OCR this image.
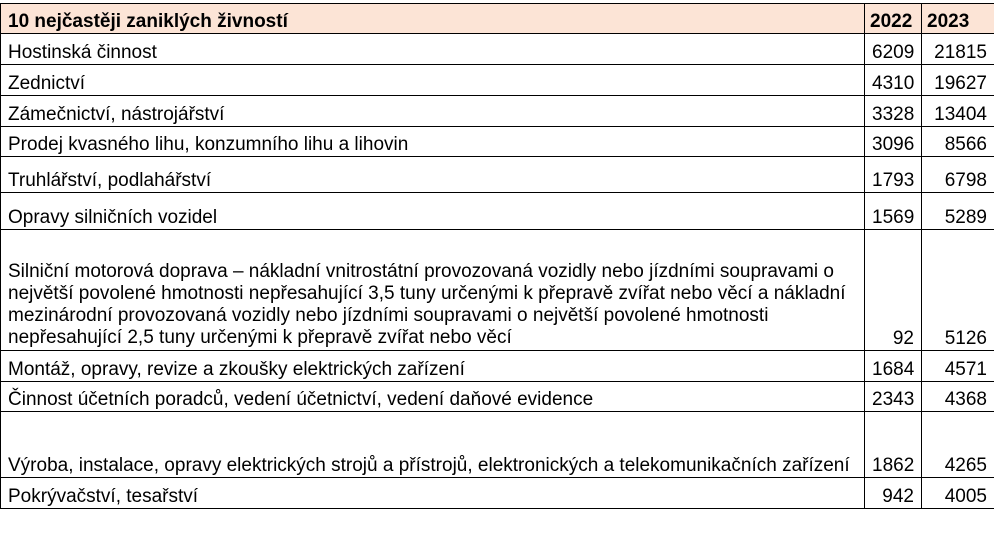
10 nejčastěji zaniklých živností	2022	2023
Hostinská činnost	6209	21815
Zednictví	4310	19627
Zámečnictví, nástrojářství	3328	13404
Prodej kvasného lihu, konzumního lihu a lihovin	3096	8566
Truhlářství, podlahářství	1793	6798
Opravy silničních vozidel	1569	5289
Silniční motorová doprava – nákladní vnitrostátní provozovaná vozidly nebo jízdními soupravami o největší povolené hmotnosti nepřesahující 3,5 tuny určenými k přepravě zvířat nebo věcí a nákladní mezinárodní provozovaná vozidly nebo jízdními soupravami o největší povolené hmotnosti nepřesahující 2,5 tuny určenými k přepravě zvířat nebo věcí	92	5126
Montáž, opravy, revize a zkoušky elektrických zařízení	1684	4571
Činnost účetních poradců, vedení účetnictví, vedení daňové evidence	2343	4368
Výroba, instalace, opravy elektrických strojů a přístrojů, elektronických a telekomunikačních zařízení	1862	4265
Pokrývačství, tesařství	942	4005
